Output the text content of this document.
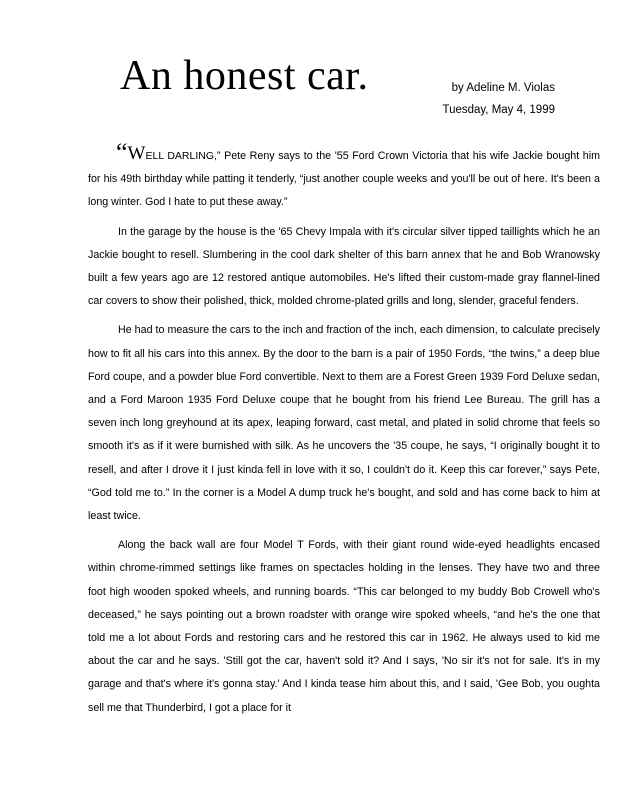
An honest car.	by Adeline M. Violas
Tuesday, May 4, 1999

“WELL DARLING,” Pete Reny says to the '55 Ford Crown Victoria that his wife Jackie bought him for his 49th birthday while patting it tenderly, “just another couple weeks and you'll be out of here. It's been a long winter. God I hate to put these away.”

In the garage by the house is the '65 Chevy Impala with it's circular silver tipped taillights which he an Jackie bought to resell. Slumbering in the cool dark shelter of this barn annex that he and Bob Wranowsky built a few years ago are 12 restored antique automobiles. He's lifted their custom-made gray flannel-lined car covers to show their polished, thick, molded chrome-plated grills and long, slender, graceful fenders.

He had to measure the cars to the inch and fraction of the inch, each dimension, to calculate precisely how to fit all his cars into this annex. By the door to the barn is a pair of 1950 Fords, “the twins,” a deep blue Ford coupe, and a powder blue Ford convertible. Next to them are a Forest Green 1939 Ford Deluxe sedan, and a Ford Maroon 1935 Ford Deluxe coupe that he bought from his friend Lee Bureau. The grill has a seven inch long greyhound at its apex, leaping forward, cast metal, and plated in solid chrome that feels so smooth it's as if it were burnished with silk. As he uncovers the '35 coupe, he says, “I originally bought it to resell, and after I drove it I just kinda fell in love with it so, I couldn't do it. Keep this car forever,” says Pete, “God told me to.” In the corner is a Model A dump truck he's bought, and sold and has come back to him at least twice.

Along the back wall are four Model T Fords, with their giant round wide-eyed headlights encased within chrome-rimmed settings like frames on spectacles holding in the lenses. They have two and three foot high wooden spoked wheels, and running boards. “This car belonged to my buddy Bob Crowell who's deceased,” he says pointing out a brown roadster with orange wire spoked wheels, “and he's the one that told me a lot about Fords and restoring cars and he restored this car in 1962. He always used to kid me about the car and he says. 'Still got the car, haven't sold it? And I says, 'No sir it's not for sale. It's in my garage and that's where it's gonna stay.' And I kinda tease him about this, and I said, 'Gee Bob, you oughta sell me that Thunderbird, I got a place for it
